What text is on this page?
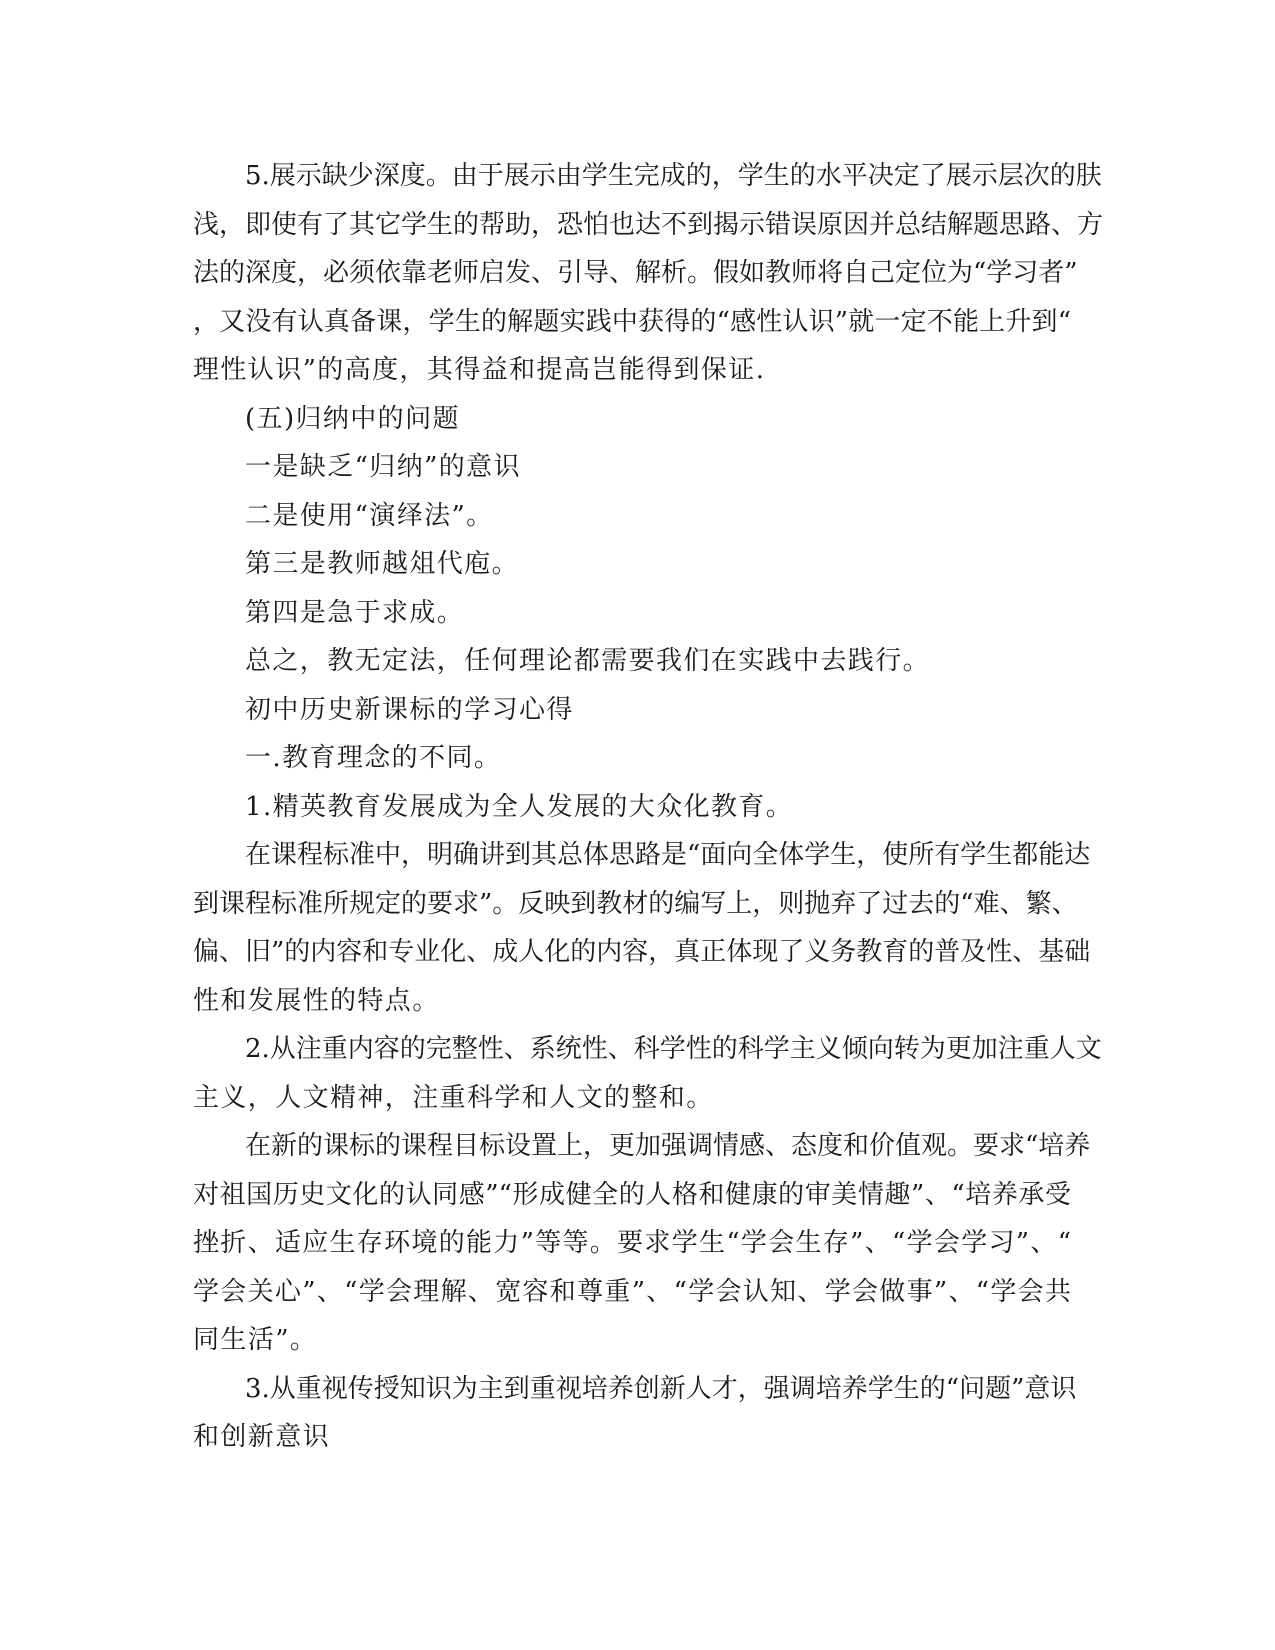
5.展示缺少深度。由于展示由学生完成的，学生的水平决定了展示层次的肤
浅，即使有了其它学生的帮助，恐怕也达不到揭示错误原因并总结解题思路、方
法的深度，必须依靠老师启发、引导、解析。假如教师将自己定位为“学习者”
，又没有认真备课，学生的解题实践中获得的“感性认识”就一定不能上升到“
理性认识”的高度，其得益和提高岂能得到保证.
(五)归纳中的问题
一是缺乏“归纳”的意识
二是使用“演绎法”。
第三是教师越俎代庖。
第四是急于求成。
总之，教无定法，任何理论都需要我们在实践中去践行。
初中历史新课标的学习心得
一.教育理念的不同。
1.精英教育发展成为全人发展的大众化教育。
在课程标准中，明确讲到其总体思路是“面向全体学生，使所有学生都能达
到课程标准所规定的要求”。反映到教材的编写上，则抛弃了过去的“难、繁、
偏、旧”的内容和专业化、成人化的内容，真正体现了义务教育的普及性、基础
性和发展性的特点。
2.从注重内容的完整性、系统性、科学性的科学主义倾向转为更加注重人文
主义，人文精神，注重科学和人文的整和。
在新的课标的课程目标设置上，更加强调情感、态度和价值观。要求“培养
对祖国历史文化的认同感”“形成健全的人格和健康的审美情趣”、“培养承受
挫折、适应生存环境的能力”等等。要求学生“学会生存”、“学会学习”、“
学会关心”、“学会理解、宽容和尊重”、“学会认知、学会做事”、“学会共
同生活”。
3.从重视传授知识为主到重视培养创新人才，强调培养学生的“问题”意识
和创新意识
